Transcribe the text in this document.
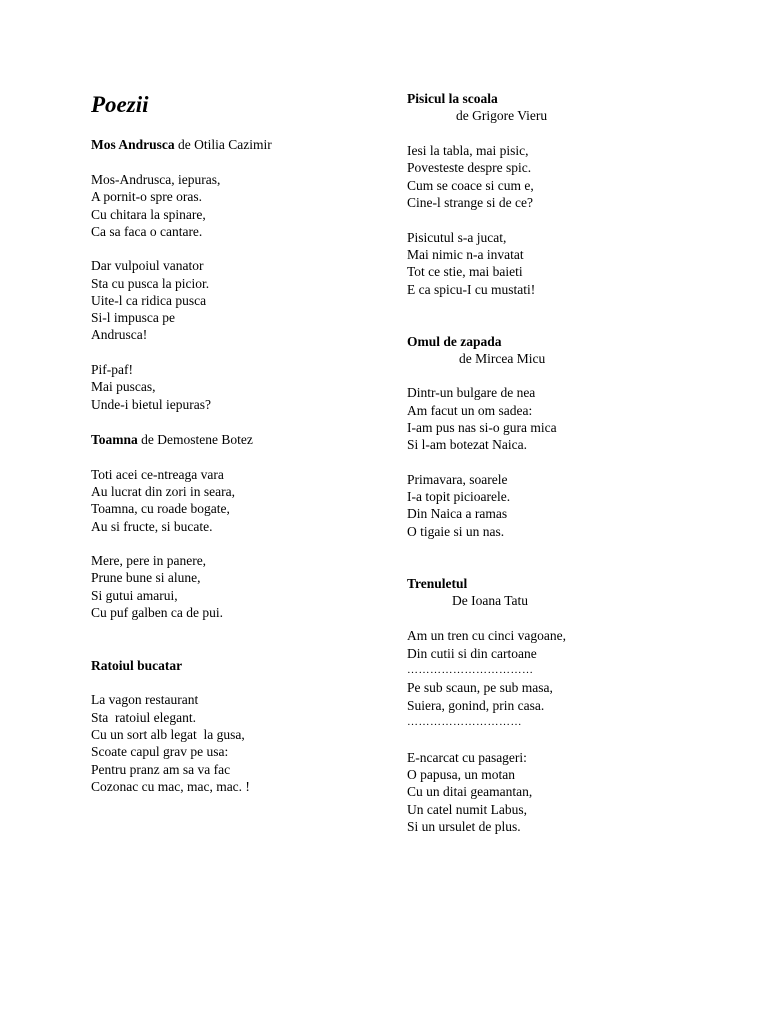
Poezii
Mos Andrusca de Otilia Cazimir
Mos-Andrusca, iepuras,
A pornit-o spre oras.
Cu chitara la spinare,
Ca sa faca o cantare.
Dar vulpoiul vanator
Sta cu pusca la picior.
Uite-l ca ridica pusca
Si-l impusca pe
Andrusca!
Pif-paf!
Mai puscas,
Unde-i bietul iepuras?
Toamna de Demostene Botez
Toti acei ce-ntreaga vara
Au lucrat din zori in seara,
Toamna, cu roade bogate,
Au si fructe, si bucate.
Mere, pere in panere,
Prune bune si alune,
Si gutui amarui,
Cu puf galben ca de pui.
Ratoiul bucatar
La vagon restaurant
Sta  ratoiul elegant.
Cu un sort alb legat  la gusa,
Scoate capul grav pe usa:
Pentru pranz am sa va fac
Cozonac cu mac, mac, mac. !
Pisicul la scoala
de Grigore Vieru
Iesi la tabla, mai pisic,
Povesteste despre spic.
Cum se coace si cum e,
Cine-l strange si de ce?
Pisicutul s-a jucat,
Mai nimic n-a invatat
Tot ce stie, mai baieti
E ca spicu-I cu mustati!
Omul de zapada
de Mircea Micu
Dintr-un bulgare de nea
Am facut un om sadea:
I-am pus nas si-o gura mica
Si l-am botezat Naica.
Primavara, soarele
I-a topit picioarele.
Din Naica a ramas
O tigaie si un nas.
Trenuletul
De Ioana Tatu
Am un tren cu cinci vagoane,
Din cutii si din cartoane
……………………………
Pe sub scaun, pe sub masa,
Suiera, gonind, prin casa.
…………………………
E-ncarcat cu pasageri:
O papusa, un motan
Cu un ditai geamantan,
Un catel numit Labus,
Si un ursulet de plus.
